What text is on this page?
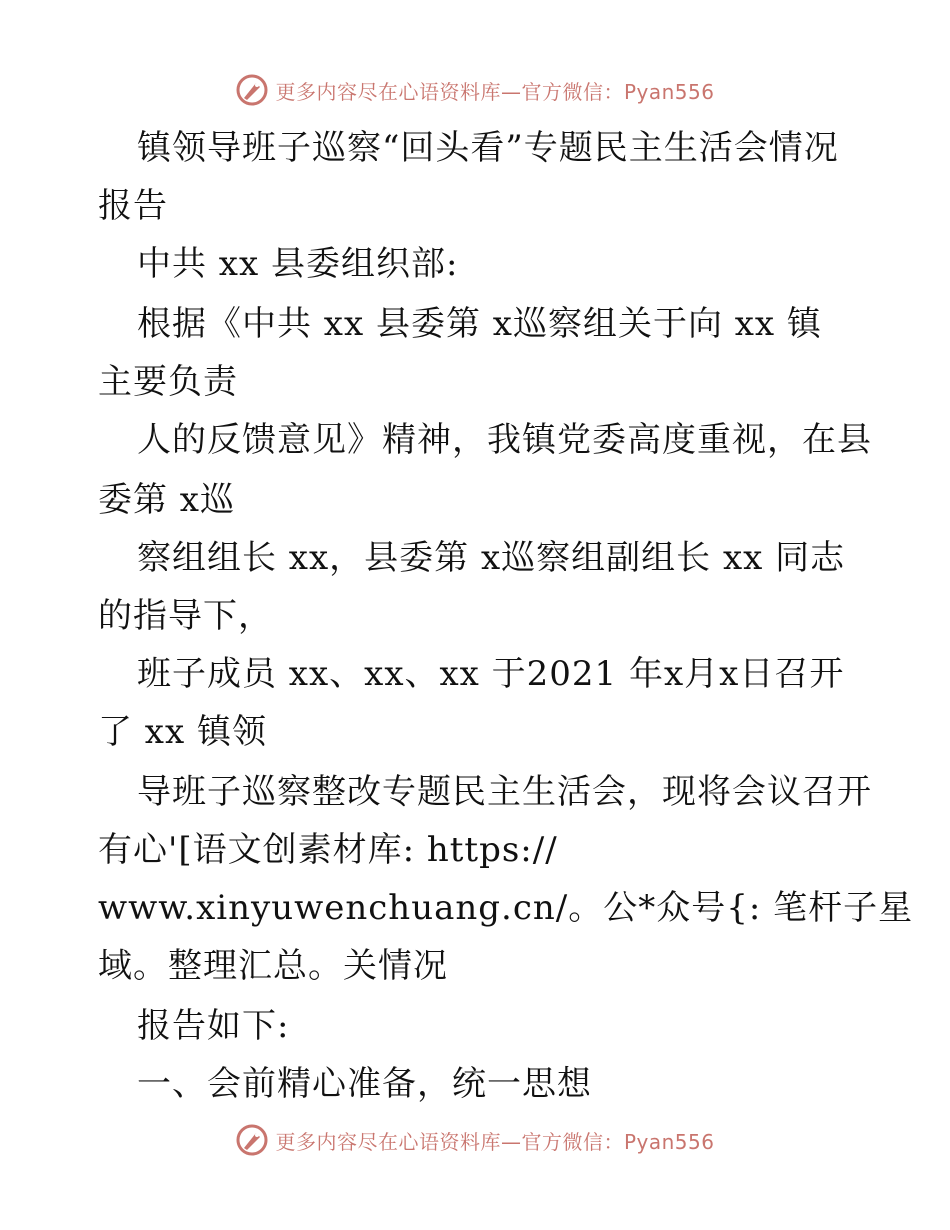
更多内容尽在心语资料库—官方微信：Pyan556
镇领导班子巡察“回头看”专题民主生活会情况
报告
中共 xx 县委组织部:
根据《中共 xx 县委第 x巡察组关于向 xx 镇
主要负责
人的反馈意见》精神，我镇党委高度重视，在县
委第 x巡
察组组长 xx，县委第 x巡察组副组长 xx 同志
的指导下，
班子成员 xx、xx、xx 于2021 年x月x日召开
了 xx 镇领
导班子巡察整改专题民主生活会，现将会议召开
有心'[语文创素材库: https://
www.xinyuwenchuang.cn/。公*众号{: 笔杆子星
域。整理汇总。关情况
报告如下:
一、会前精心准备，统一思想
更多内容尽在心语资料库—官方微信：Pyan556
